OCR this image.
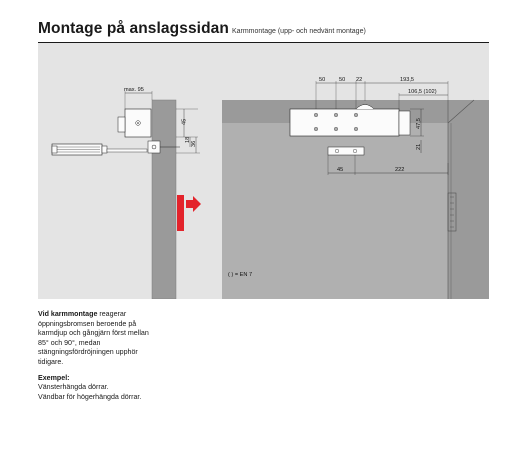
Montage på anslagssidan Karmmontage (upp- och nedvänt montage)
max. 95
45
18
36
50 50 22	193,5
106,5 (102)
47,5
21
45	222
( ) = EN 7
Vid karmmontage reagerar öppningsbromsen beroende på karmdjup och gångjärn först mellan 85° och 90°, medan stängningsfördröjningen upphör tidigare.
Exempel:
Vänsterhängda dörrar.
Vändbar för högerhängda dörrar.
